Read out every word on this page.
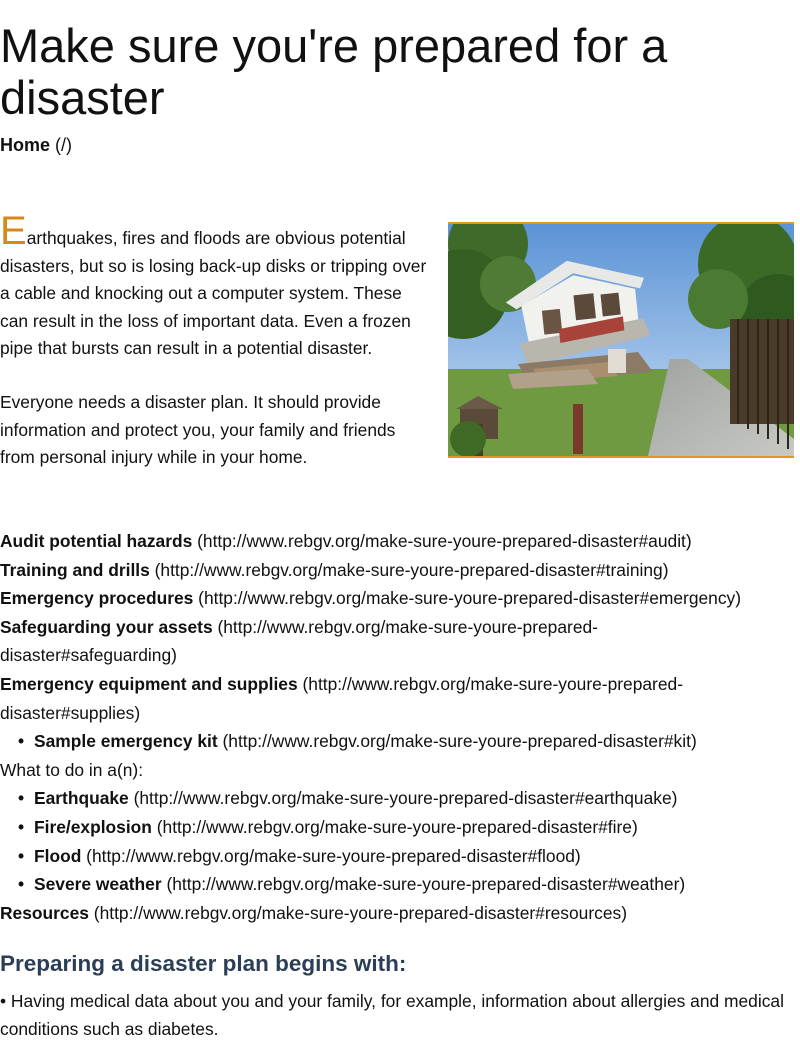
Make sure you're prepared for a disaster
Home (/)

Earthquakes, fires and floods are obvious potential disasters, but so is losing back-up disks or tripping over a cable and knocking out a computer system. These can result in the loss of important data. Even a frozen pipe that bursts can result in a potential disaster.

Everyone needs a disaster plan. It should provide information and protect you, your family and friends from personal injury while in your home.

Audit potential hazards (http://www.rebgv.org/make-sure-youre-prepared-disaster#audit)
Training and drills (http://www.rebgv.org/make-sure-youre-prepared-disaster#training)
Emergency procedures (http://www.rebgv.org/make-sure-youre-prepared-disaster#emergency)
Safeguarding your assets (http://www.rebgv.org/make-sure-youre-prepared-disaster#safeguarding)
Emergency equipment and supplies (http://www.rebgv.org/make-sure-youre-prepared-disaster#supplies)
• Sample emergency kit (http://www.rebgv.org/make-sure-youre-prepared-disaster#kit)
What to do in a(n):
• Earthquake (http://www.rebgv.org/make-sure-youre-prepared-disaster#earthquake)
• Fire/explosion (http://www.rebgv.org/make-sure-youre-prepared-disaster#fire)
• Flood (http://www.rebgv.org/make-sure-youre-prepared-disaster#flood)
• Severe weather (http://www.rebgv.org/make-sure-youre-prepared-disaster#weather)
Resources (http://www.rebgv.org/make-sure-youre-prepared-disaster#resources)
Preparing a disaster plan begins with:

• Having medical data about you and your family, for example, information about allergies and medical conditions such as diabetes.
